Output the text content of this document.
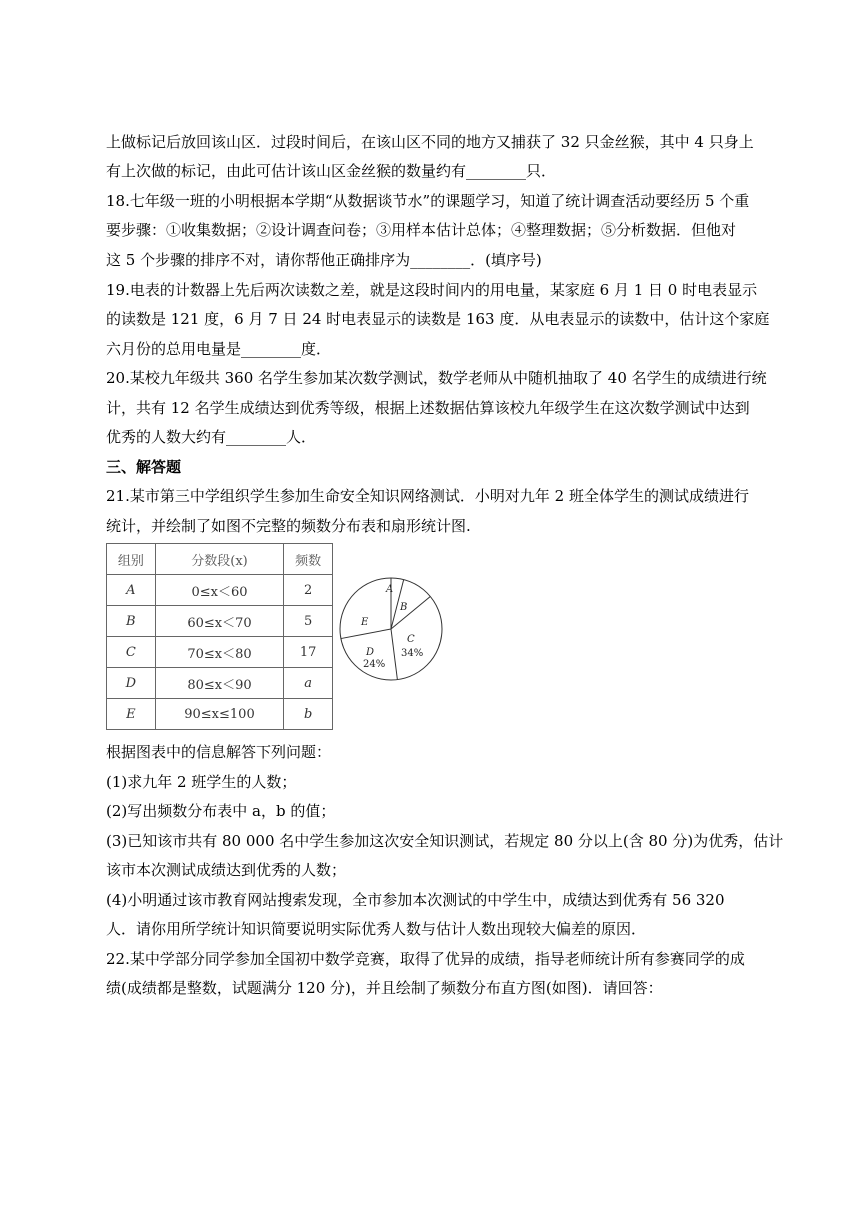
上做标记后放回该山区．过段时间后，在该山区不同的地方又捕获了 32 只金丝猴，其中 4 只身上
有上次做的标记，由此可估计该山区金丝猴的数量约有________只．
18.七年级一班的小明根据本学期“从数据谈节水”的课题学习，知道了统计调查活动要经历 5 个重
要步骤：①收集数据；②设计调查问卷；③用样本估计总体；④整理数据；⑤分析数据．但他对
这 5 个步骤的排序不对，请你帮他正确排序为________．(填序号)
19.电表的计数器上先后两次读数之差，就是这段时间内的用电量，某家庭 6 月 1 日 0 时电表显示
的读数是 121 度，6 月 7 日 24 时电表显示的读数是 163 度．从电表显示的读数中，估计这个家庭
六月份的总用电量是________度．
20.某校九年级共 360 名学生参加某次数学测试，数学老师从中随机抽取了 40 名学生的成绩进行统
计，共有 12 名学生成绩达到优秀等级，根据上述数据估算该校九年级学生在这次数学测试中达到
优秀的人数大约有________人．
三、解答题
21.某市第三中学组织学生参加生命安全知识网络测试．小明对九年 2 班全体学生的测试成绩进行
统计，并绘制了如图不完整的频数分布表和扇形统计图.
组别	分数段(x)	频数
A	0≤x＜60	2
B	60≤x＜70	5
C	70≤x＜80	17
D	80≤x＜90	a
E	90≤x≤100	b
A
B
C
34%
D
24%
E
根据图表中的信息解答下列问题：
(1)求九年 2 班学生的人数；
(2)写出频数分布表中 a，b 的值；
(3)已知该市共有 80 000 名中学生参加这次安全知识测试，若规定 80 分以上(含 80 分)为优秀，估计
该市本次测试成绩达到优秀的人数；
(4)小明通过该市教育网站搜索发现，全市参加本次测试的中学生中，成绩达到优秀有 56 320
人．请你用所学统计知识简要说明实际优秀人数与估计人数出现较大偏差的原因．
22.某中学部分同学参加全国初中数学竞赛，取得了优异的成绩，指导老师统计所有参赛同学的成
绩(成绩都是整数，试题满分 120 分)，并且绘制了频数分布直方图(如图)．请回答：
